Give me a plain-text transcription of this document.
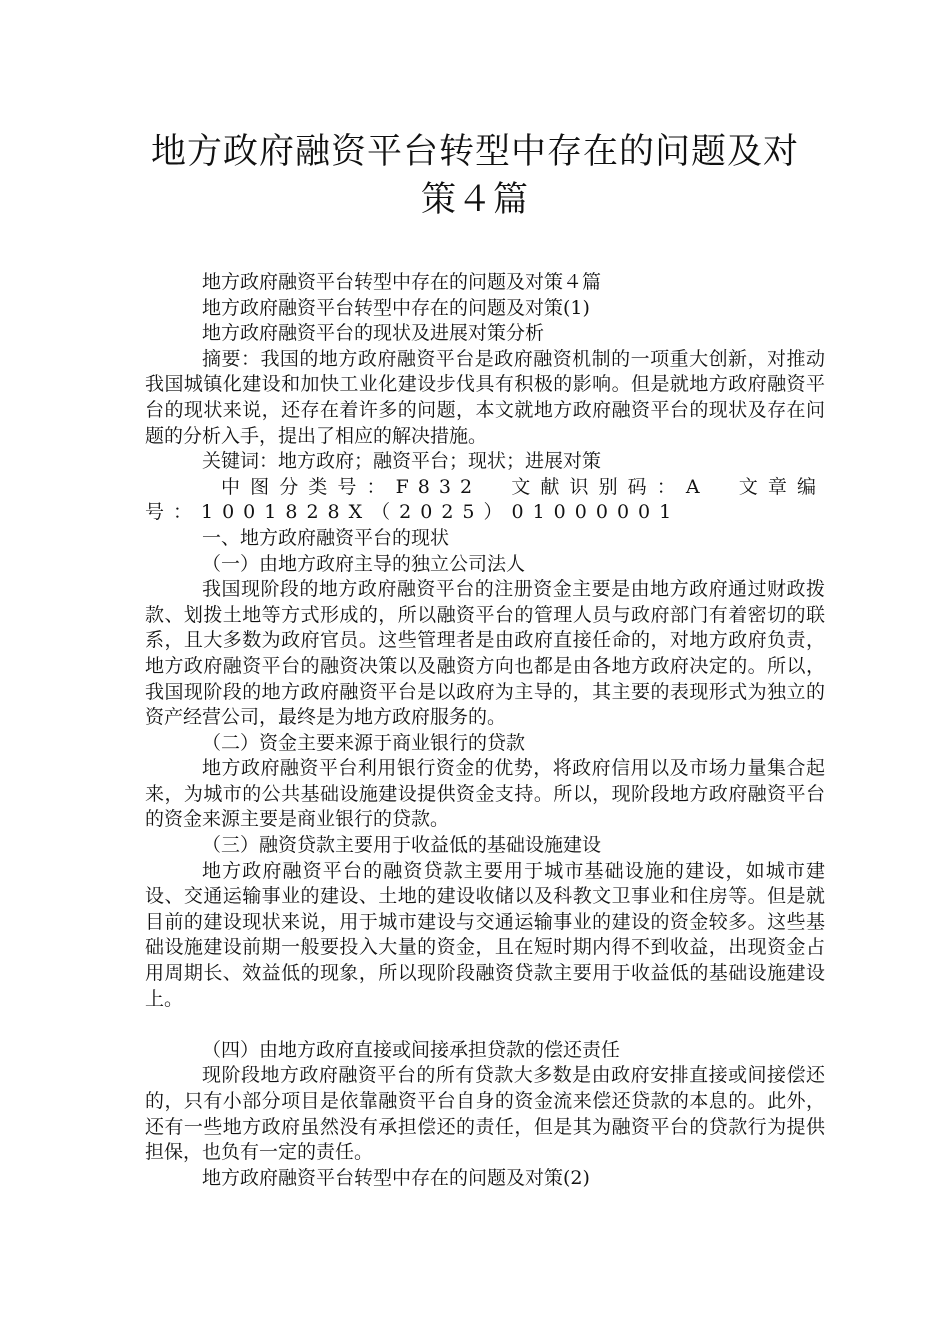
地方政府融资平台转型中存在的问题及对
策４篇

地方政府融资平台转型中存在的问题及对策４篇

地方政府融资平台转型中存在的问题及对策(1)

地方政府融资平台的现状及进展对策分析

摘要：我国的地方政府融资平台是政府融资机制的一项重大创新，对推动我国城镇化建设和加快工业化建设步伐具有积极的影响。但是就地方政府融资平台的现状来说，还存在着许多的问题，本文就地方政府融资平台的现状及存在问题的分析入手，提出了相应的解决措施。

关键词：地方政府；融资平台；现状；进展对策

中图分类号：F832　文献识别码：A　文章编号：1001828X（2025）01000001

一、地方政府融资平台的现状

（一）由地方政府主导的独立公司法人

我国现阶段的地方政府融资平台的注册资金主要是由地方政府通过财政拨款、划拨土地等方式形成的，所以融资平台的管理人员与政府部门有着密切的联系，且大多数为政府官员。这些管理者是由政府直接任命的，对地方政府负责，地方政府融资平台的融资决策以及融资方向也都是由各地方政府决定的。所以，我国现阶段的地方政府融资平台是以政府为主导的，其主要的表现形式为独立的资产经营公司，最终是为地方政府服务的。

（二）资金主要来源于商业银行的贷款

地方政府融资平台利用银行资金的优势，将政府信用以及市场力量集合起来，为城市的公共基础设施建设提供资金支持。所以，现阶段地方政府融资平台的资金来源主要是商业银行的贷款。

（三）融资贷款主要用于收益低的基础设施建设

地方政府融资平台的融资贷款主要用于城市基础设施的建设，如城市建设、交通运输事业的建设、土地的建设收储以及科教文卫事业和住房等。但是就目前的建设现状来说，用于城市建设与交通运输事业的建设的资金较多。这些基础设施建设前期一般要投入大量的资金，且在短时期内得不到收益，出现资金占用周期长、效益低的现象，所以现阶段融资贷款主要用于收益低的基础设施建设上。

（四）由地方政府直接或间接承担贷款的偿还责任

现阶段地方政府融资平台的所有贷款大多数是由政府安排直接或间接偿还的，只有小部分项目是依靠融资平台自身的资金流来偿还贷款的本息的。此外，还有一些地方政府虽然没有承担偿还的责任，但是其为融资平台的贷款行为提供担保，也负有一定的责任。

地方政府融资平台转型中存在的问题及对策(2)
